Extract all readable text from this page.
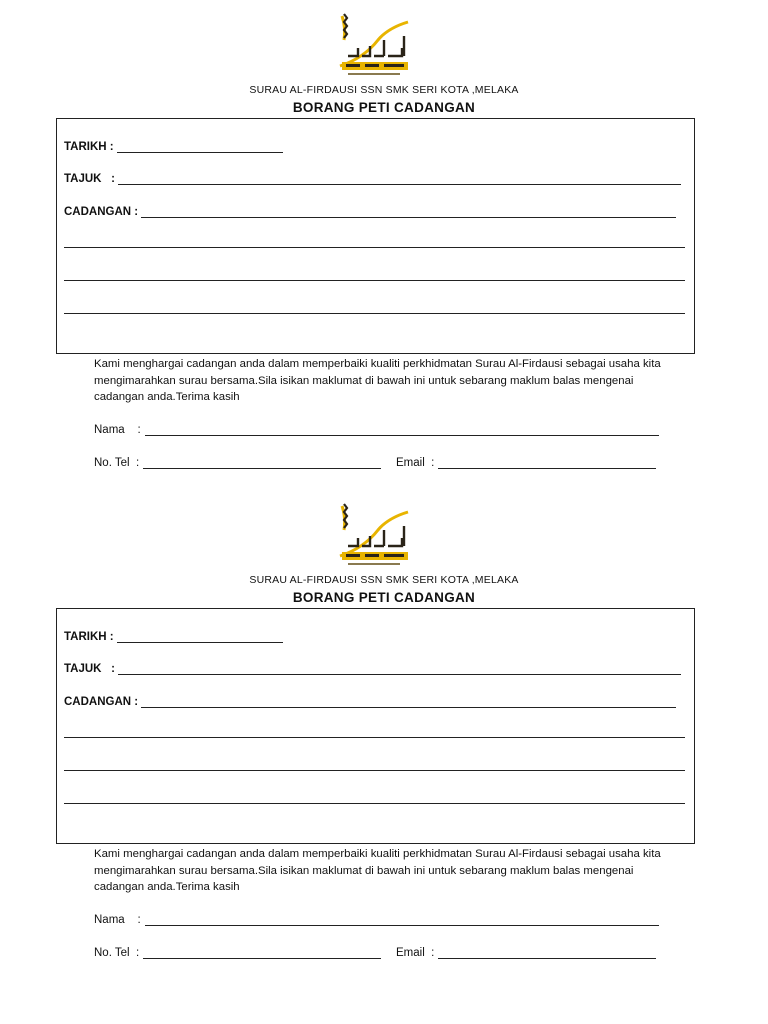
SURAU AL-FIRDAUSI SSN SMK SERI KOTA ,MELAKA
BORANG PETI CADANGAN
TARIKH :
TAJUK   :
CADANGAN :
Kami menghargai cadangan anda dalam memperbaiki kualiti perkhidmatan Surau Al-Firdausi sebagai usaha kita mengimarahkan surau bersama.Sila isikan maklumat di bawah ini untuk sebarang maklum balas mengenai cadangan anda.Terima kasih
Nama    :
No. Tel  :	Email  :
SURAU AL-FIRDAUSI SSN SMK SERI KOTA ,MELAKA
BORANG PETI CADANGAN
TARIKH :
TAJUK   :
CADANGAN :
Kami menghargai cadangan anda dalam memperbaiki kualiti perkhidmatan Surau Al-Firdausi sebagai usaha kita mengimarahkan surau bersama.Sila isikan maklumat di bawah ini untuk sebarang maklum balas mengenai cadangan anda.Terima kasih
Nama    :
No. Tel  :	Email  :
